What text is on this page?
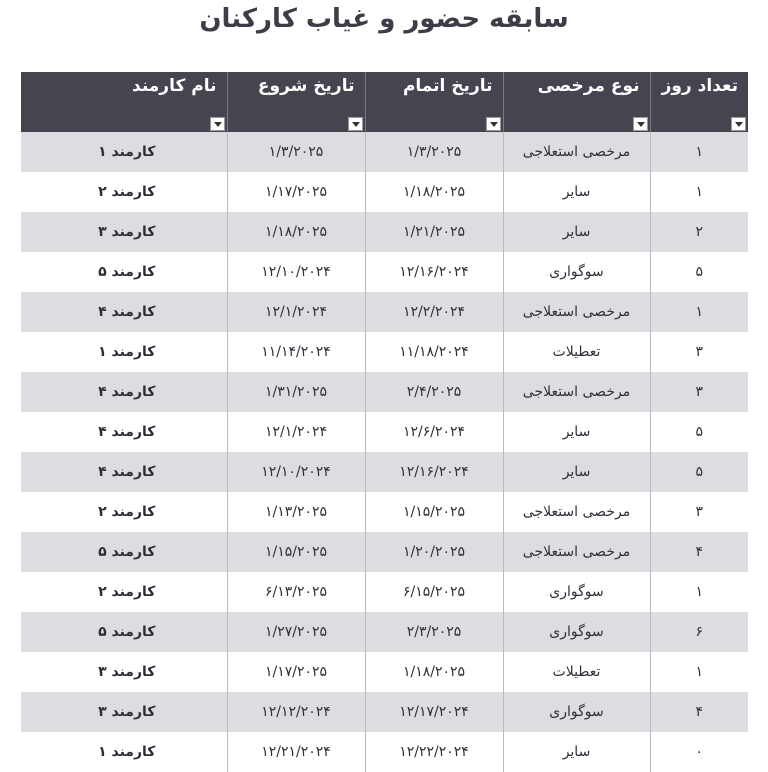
سابقه حضور و غیاب کارکنان
نام کارمند	تاریخ شروع	تاریخ اتمام	نوع مرخصی	تعداد روز

کارمند ۱	۱/۳/۲۰۲۵	۱/۳/۲۰۲۵	مرخصی استعلاجی	۱
کارمند ۲	۱/۱۷/۲۰۲۵	۱/۱۸/۲۰۲۵	سایر	۱
کارمند ۳	۱/۱۸/۲۰۲۵	۱/۲۱/۲۰۲۵	سایر	۲
کارمند ۵	۱۲/۱۰/۲۰۲۴	۱۲/۱۶/۲۰۲۴	سوگواری	۵
کارمند ۴	۱۲/۱/۲۰۲۴	۱۲/۲/۲۰۲۴	مرخصی استعلاجی	۱
کارمند ۱	۱۱/۱۴/۲۰۲۴	۱۱/۱۸/۲۰۲۴	تعطیلات	۳
کارمند ۴	۱/۳۱/۲۰۲۵	۲/۴/۲۰۲۵	مرخصی استعلاجی	۳
کارمند ۴	۱۲/۱/۲۰۲۴	۱۲/۶/۲۰۲۴	سایر	۵
کارمند ۴	۱۲/۱۰/۲۰۲۴	۱۲/۱۶/۲۰۲۴	سایر	۵
کارمند ۲	۱/۱۳/۲۰۲۵	۱/۱۵/۲۰۲۵	مرخصی استعلاجی	۳
کارمند ۵	۱/۱۵/۲۰۲۵	۱/۲۰/۲۰۲۵	مرخصی استعلاجی	۴
کارمند ۲	۶/۱۳/۲۰۲۵	۶/۱۵/۲۰۲۵	سوگواری	۱
کارمند ۵	۱/۲۷/۲۰۲۵	۲/۳/۲۰۲۵	سوگواری	۶
کارمند ۳	۱/۱۷/۲۰۲۵	۱/۱۸/۲۰۲۵	تعطیلات	۱
کارمند ۳	۱۲/۱۲/۲۰۲۴	۱۲/۱۷/۲۰۲۴	سوگواری	۴
کارمند ۱	۱۲/۲۱/۲۰۲۴	۱۲/۲۲/۲۰۲۴	سایر	۰
